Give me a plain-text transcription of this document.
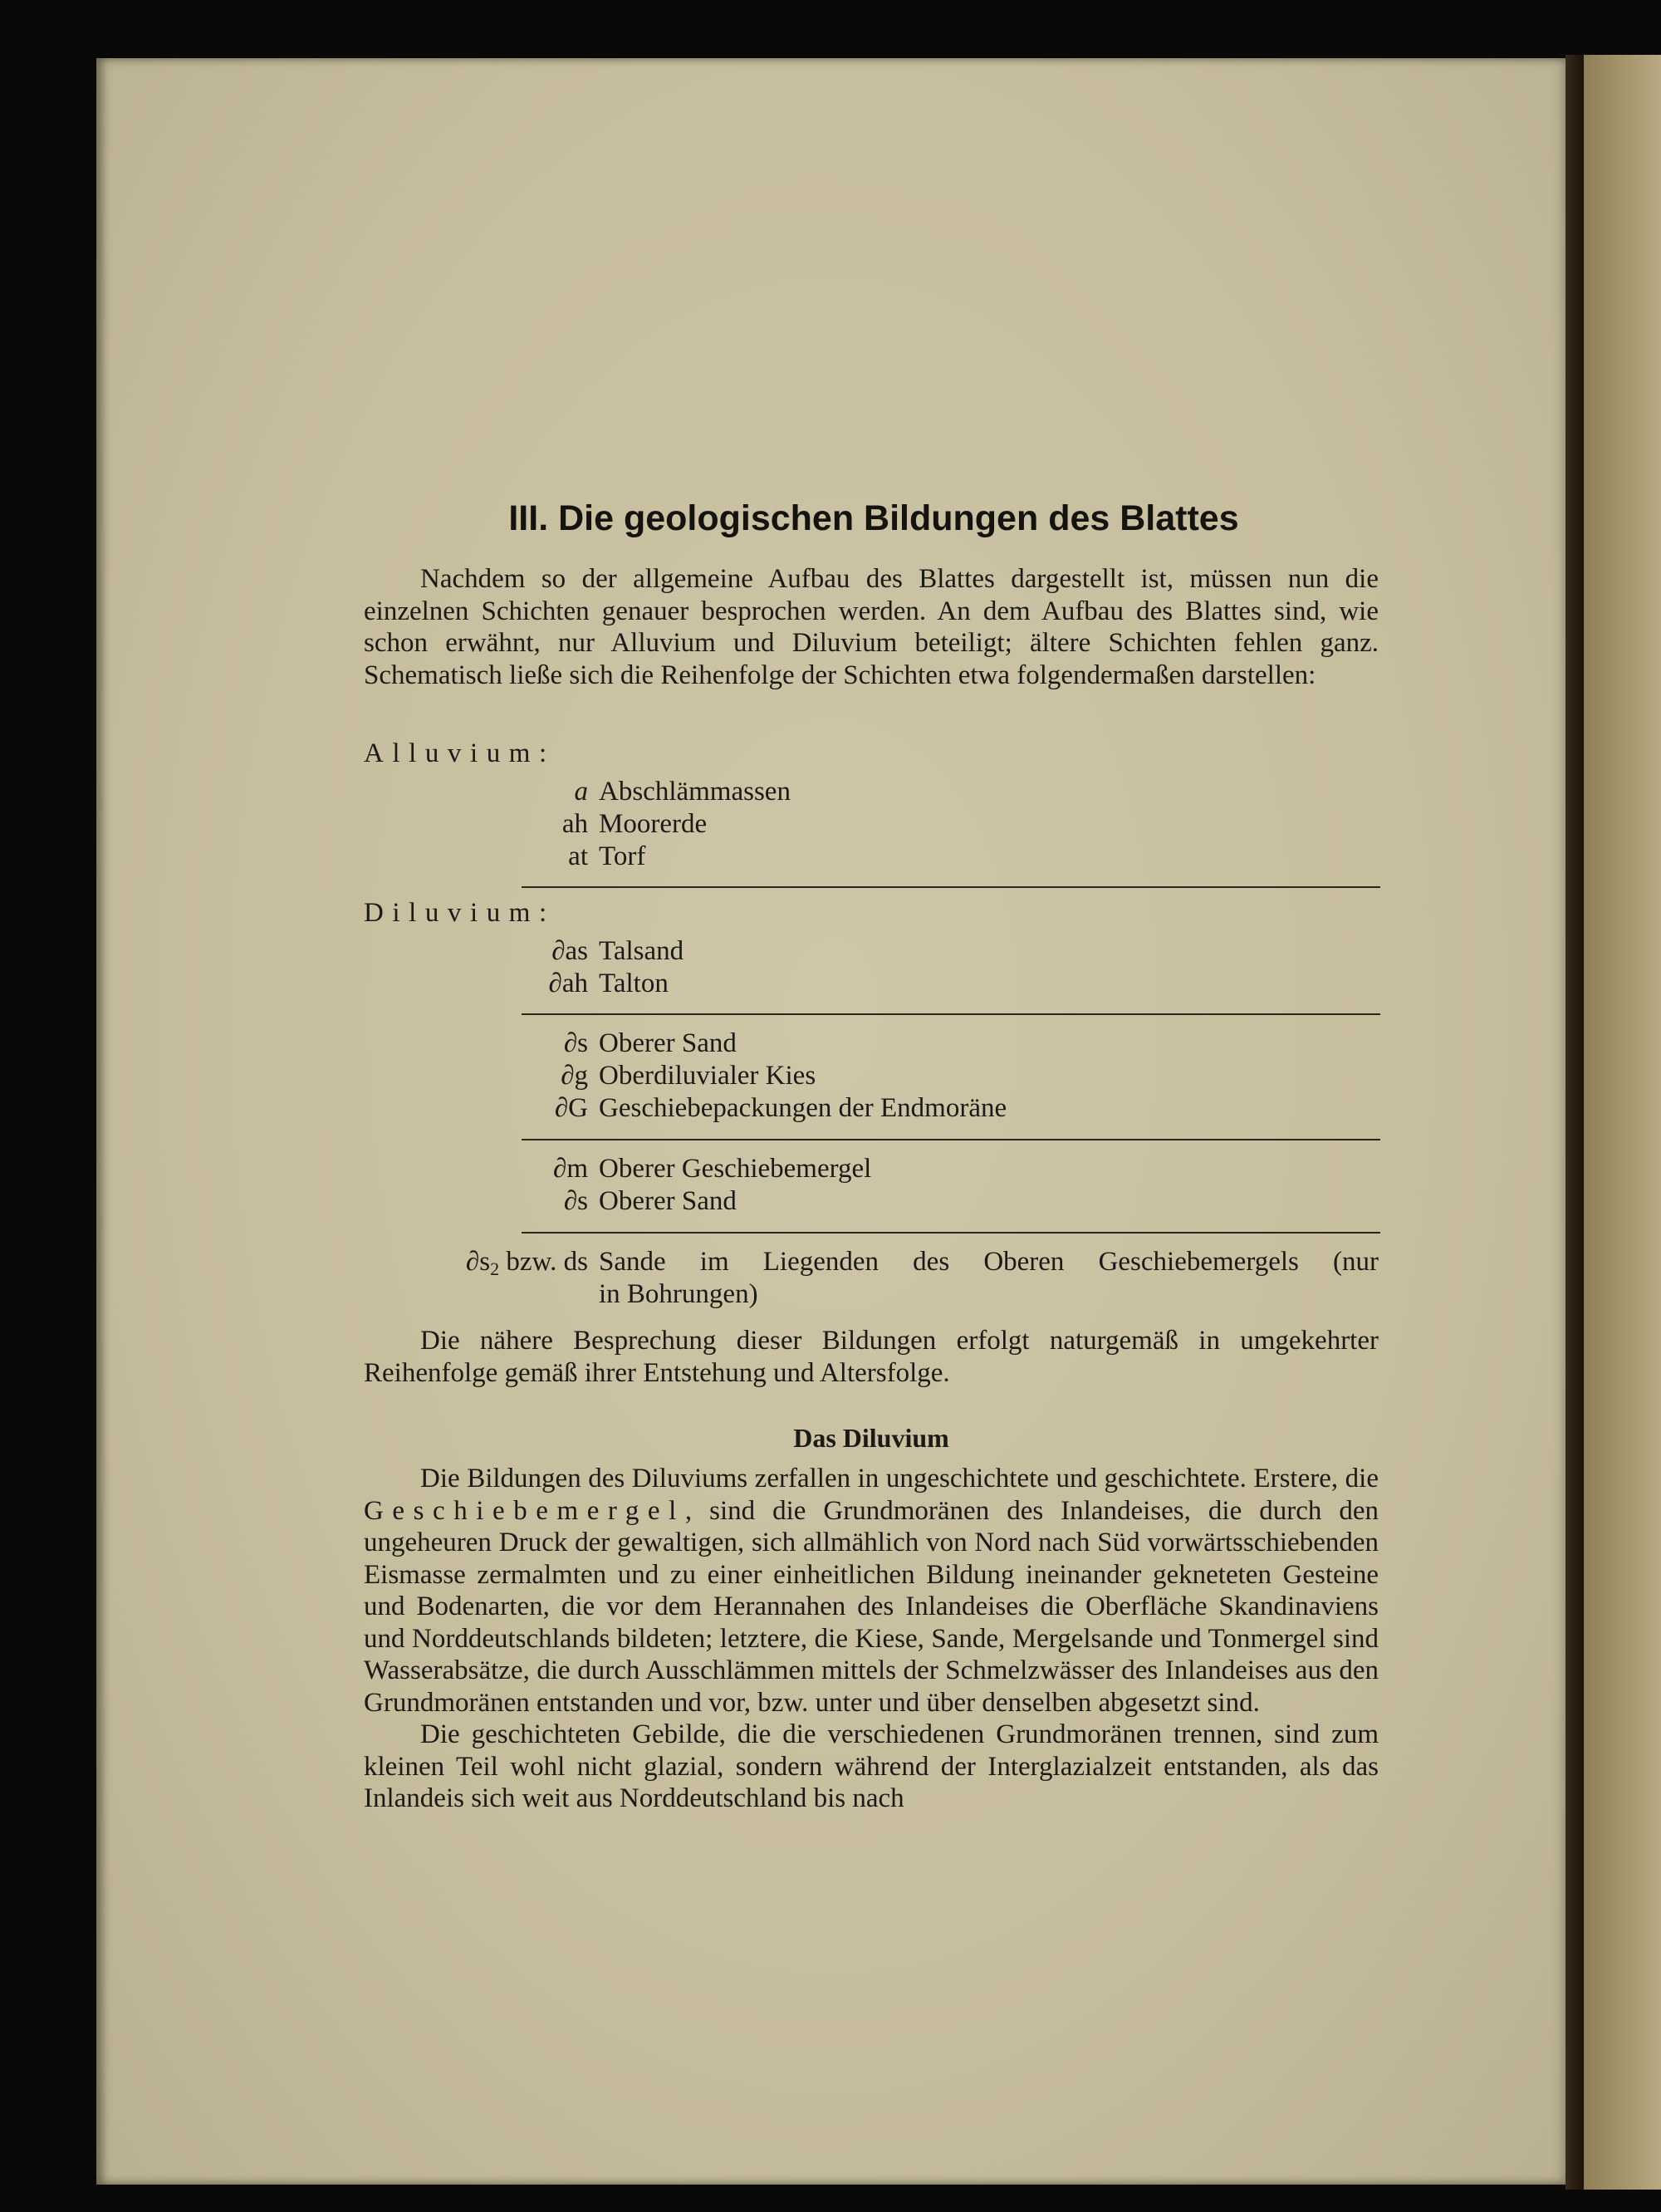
III. Die geologischen Bildungen des Blattes

Nachdem so der allgemeine Aufbau des Blattes dargestellt ist, müssen nun die einzelnen Schichten genauer besprochen werden. An dem Aufbau des Blattes sind, wie schon erwähnt, nur Alluvium und Diluvium beteiligt; ältere Schichten fehlen ganz. Schematisch ließe sich die Reihenfolge der Schichten etwa folgendermaßen darstellen:

Alluvium:
a Abschlämmassen
ah Moorerde
at Torf
Diluvium:
∂as Talsand
∂ah Talton
∂s Oberer Sand
∂g Oberdiluvialer Kies
∂G Geschiebepackungen der Endmoräne
∂m Oberer Geschiebemergel
∂s Oberer Sand
$\partial s_2$ bzw. ds Sande im Liegenden des Oberen Geschiebemergels (nur
in Bohrungen)

Die nähere Besprechung dieser Bildungen erfolgt naturgemäß in umgekehrter Reihenfolge gemäß ihrer Entstehung und Altersfolge.

Das Diluvium

Die Bildungen des Diluviums zerfallen in ungeschichtete und geschichtete. Erstere, die Geschiebemergel, sind die Grundmoränen des Inlandeises, die durch den ungeheuren Druck der gewaltigen, sich allmählich von Nord nach Süd vorwärtsschiebenden Eismasse zermalmten und zu einer einheitlichen Bildung ineinander gekneteten Gesteine und Bodenarten, die vor dem Herannahen des Inlandeises die Oberfläche Skandinaviens und Norddeutschlands bildeten; letztere, die Kiese, Sande, Mergelsande und Tonmergel sind Wasserabsätze, die durch Ausschlämmen mittels der Schmelzwässer des Inlandeises aus den Grundmoränen entstanden und vor, bzw. unter und über denselben abgesetzt sind.

Die geschichteten Gebilde, die die verschiedenen Grundmoränen trennen, sind zum kleinen Teil wohl nicht glazial, sondern während der Interglazialzeit entstanden, als das Inlandeis sich weit aus Norddeutschland bis nach
